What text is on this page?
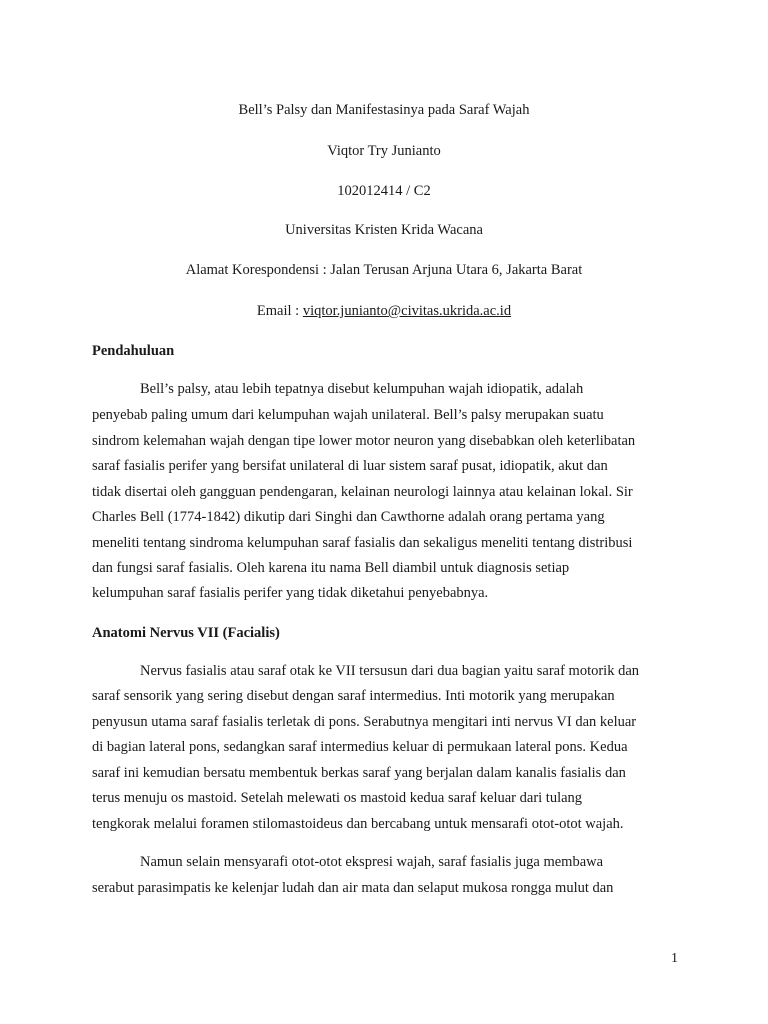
Bell’s Palsy dan Manifestasinya pada Saraf Wajah
Viqtor Try Junianto
102012414 / C2
Universitas Kristen Krida Wacana
Alamat Korespondensi : Jalan Terusan Arjuna Utara 6, Jakarta Barat
Email : viqtor.junianto@civitas.ukrida.ac.id
Pendahuluan
Bell’s palsy, atau lebih tepatnya disebut kelumpuhan wajah idiopatik, adalah
penyebab paling umum dari kelumpuhan wajah unilateral. Bell’s palsy merupakan suatu
sindrom kelemahan wajah dengan tipe lower motor neuron yang disebabkan oleh keterlibatan
saraf fasialis perifer yang bersifat unilateral di luar sistem saraf pusat, idiopatik, akut dan
tidak disertai oleh gangguan pendengaran, kelainan neurologi lainnya atau kelainan lokal. Sir
Charles Bell (1774-1842) dikutip dari Singhi dan Cawthorne adalah orang pertama yang
meneliti tentang sindroma kelumpuhan saraf fasialis dan sekaligus meneliti tentang distribusi
dan fungsi saraf fasialis. Oleh karena itu nama Bell diambil untuk diagnosis setiap
kelumpuhan saraf fasialis perifer yang tidak diketahui penyebabnya.
Anatomi Nervus VII (Facialis)
Nervus fasialis atau saraf otak ke VII tersusun dari dua bagian yaitu saraf motorik dan
saraf sensorik yang sering disebut dengan saraf intermedius. Inti motorik yang merupakan
penyusun utama saraf fasialis terletak di pons. Serabutnya mengitari inti nervus VI dan keluar
di bagian lateral pons, sedangkan saraf intermedius keluar di permukaan lateral pons. Kedua
saraf ini kemudian bersatu membentuk berkas saraf yang berjalan dalam kanalis fasialis dan
terus menuju os mastoid. Setelah melewati os mastoid kedua saraf keluar dari tulang
tengkorak melalui foramen stilomastoideus dan bercabang untuk mensarafi otot-otot wajah.
Namun selain mensyarafi otot-otot ekspresi wajah, saraf fasialis juga membawa
serabut parasimpatis ke kelenjar ludah dan air mata dan selaput mukosa rongga mulut dan
1
